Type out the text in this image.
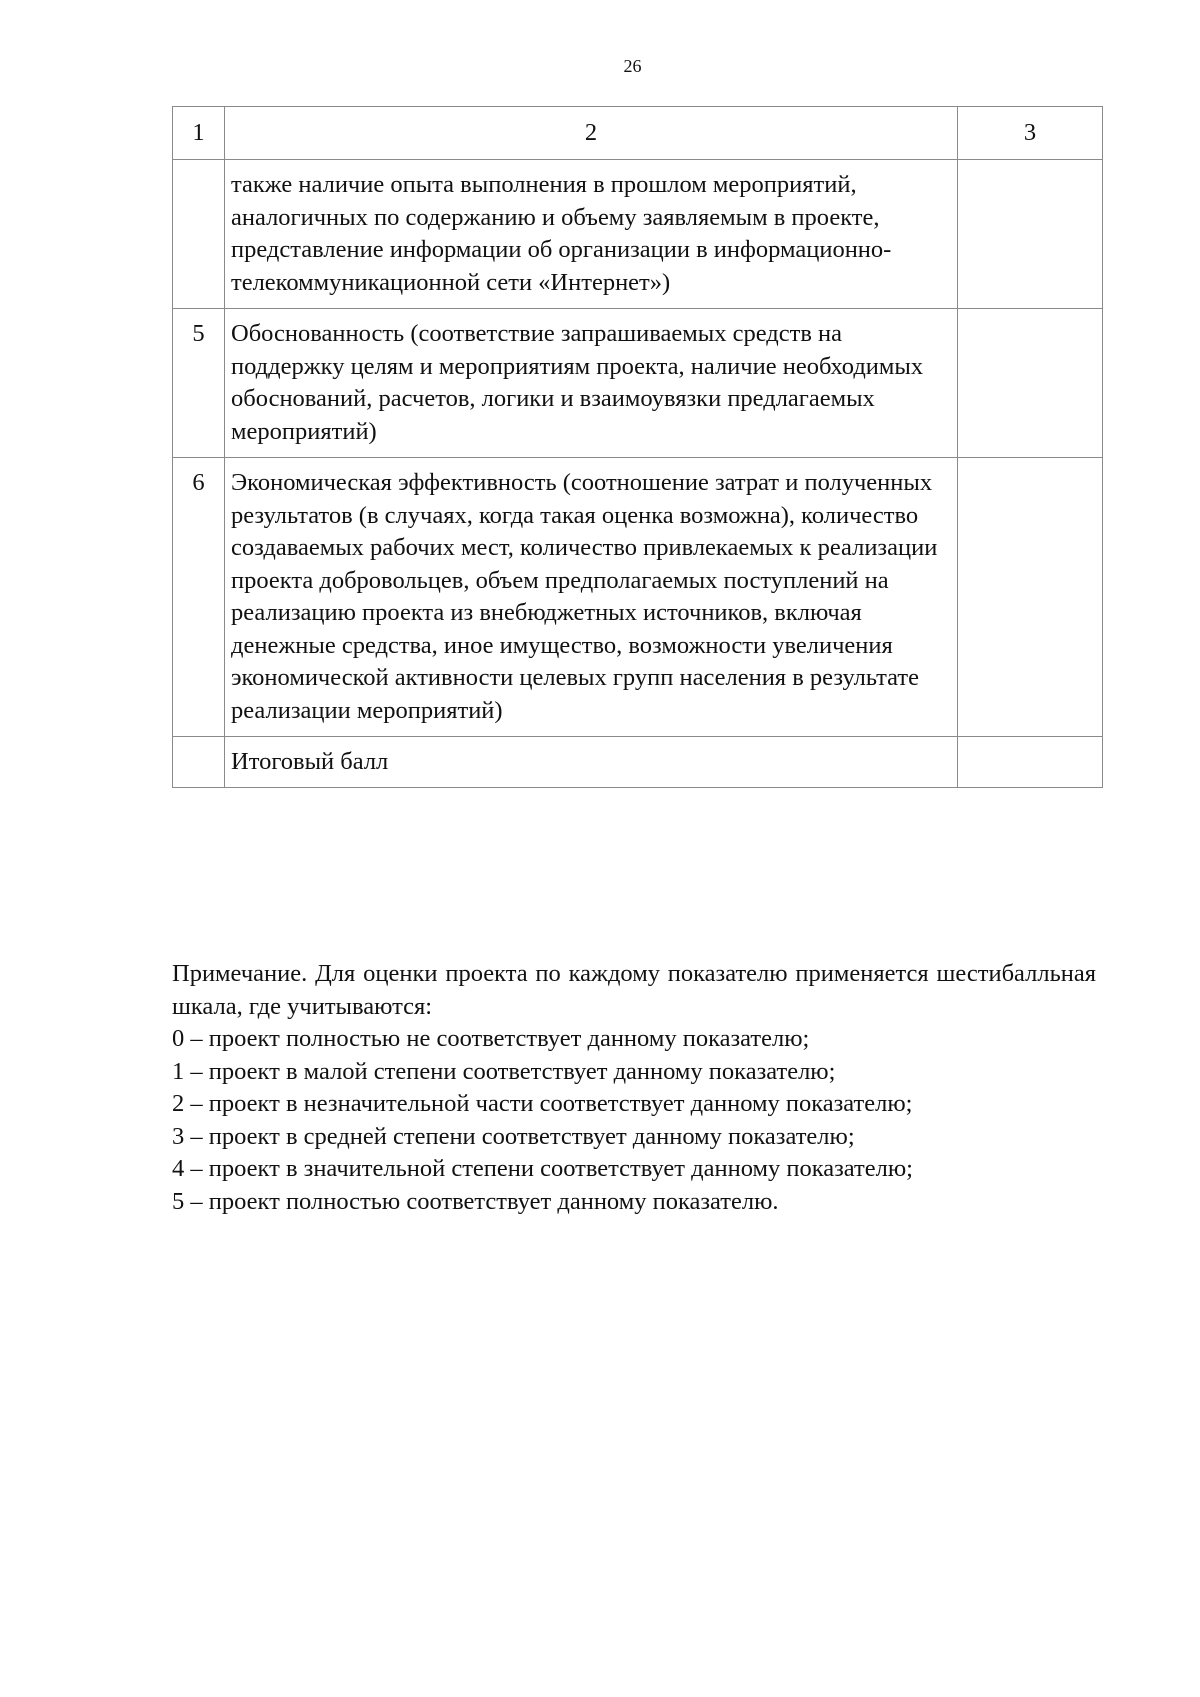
26
1	2	3
	также наличие опыта выполнения в прошлом мероприятий, аналогичных по содержанию и объему заявляемым в проекте, представление информации об организации в информационно-телекоммуникационной сети «Интернет»)	
5	Обоснованность (соответствие запрашиваемых средств на поддержку целям и мероприятиям проекта, наличие необходимых обоснований, расчетов, логики и взаимоувязки предлагаемых мероприятий)	
6	Экономическая эффективность (соотношение затрат и полученных результатов (в случаях, когда такая оценка возможна), количество создаваемых рабочих мест, количество привлекаемых к реализации проекта добровольцев, объем предполагаемых поступлений на реализацию проекта из внебюджетных источников, включая денежные средства, иное имущество, возможности увеличения экономической активности целевых групп населения в результате реализации мероприятий)	
	Итоговый балл	

Примечание. Для оценки проекта по каждому показателю применяется шестибалльная шкала, где учитываются:

0 – проект полностью не соответствует данному показателю;

1 – проект в малой степени соответствует данному показателю;

2 – проект в незначительной части соответствует данному показателю;

3 – проект в средней степени соответствует данному показателю;

4 – проект в значительной степени соответствует данному показателю;

5 – проект полностью соответствует данному показателю.
